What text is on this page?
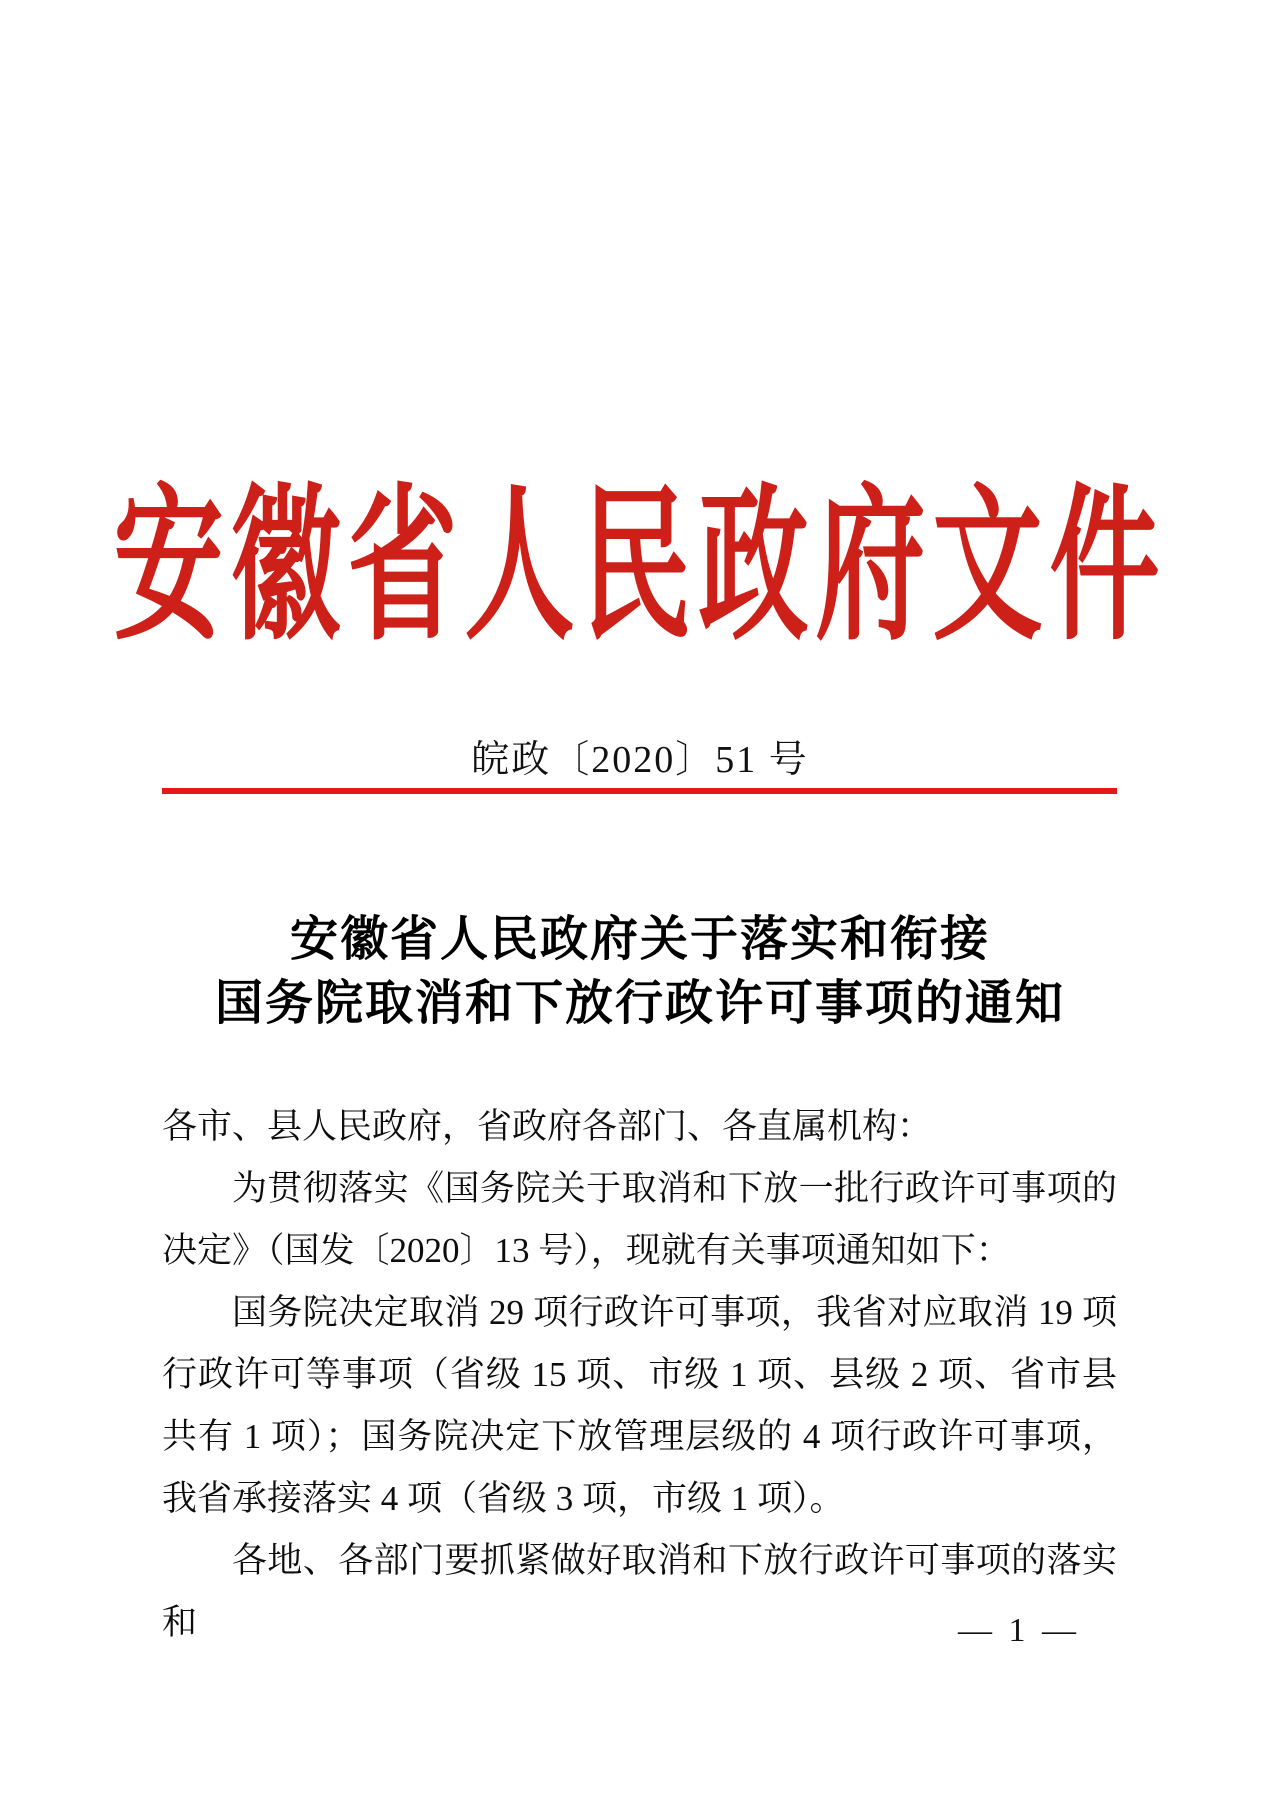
安徽省人民政府文件
皖政〔2020〕51 号
安徽省人民政府关于落实和衔接
国务院取消和下放行政许可事项的通知

各市、县人民政府，省政府各部门、各直属机构：

为贯彻落实《国务院关于取消和下放一批行政许可事项的决定》（国发〔2020〕13 号），现就有关事项通知如下：

国务院决定取消 29 项行政许可事项，我省对应取消 19 项行政许可等事项（省级 15 项、市级 1 项、县级 2 项、省市县共有 1 项）；国务院决定下放管理层级的 4 项行政许可事项，我省承接落实 4 项（省级 3 项，市级 1 项）。

各地、各部门要抓紧做好取消和下放行政许可事项的落实和	— 1 —
